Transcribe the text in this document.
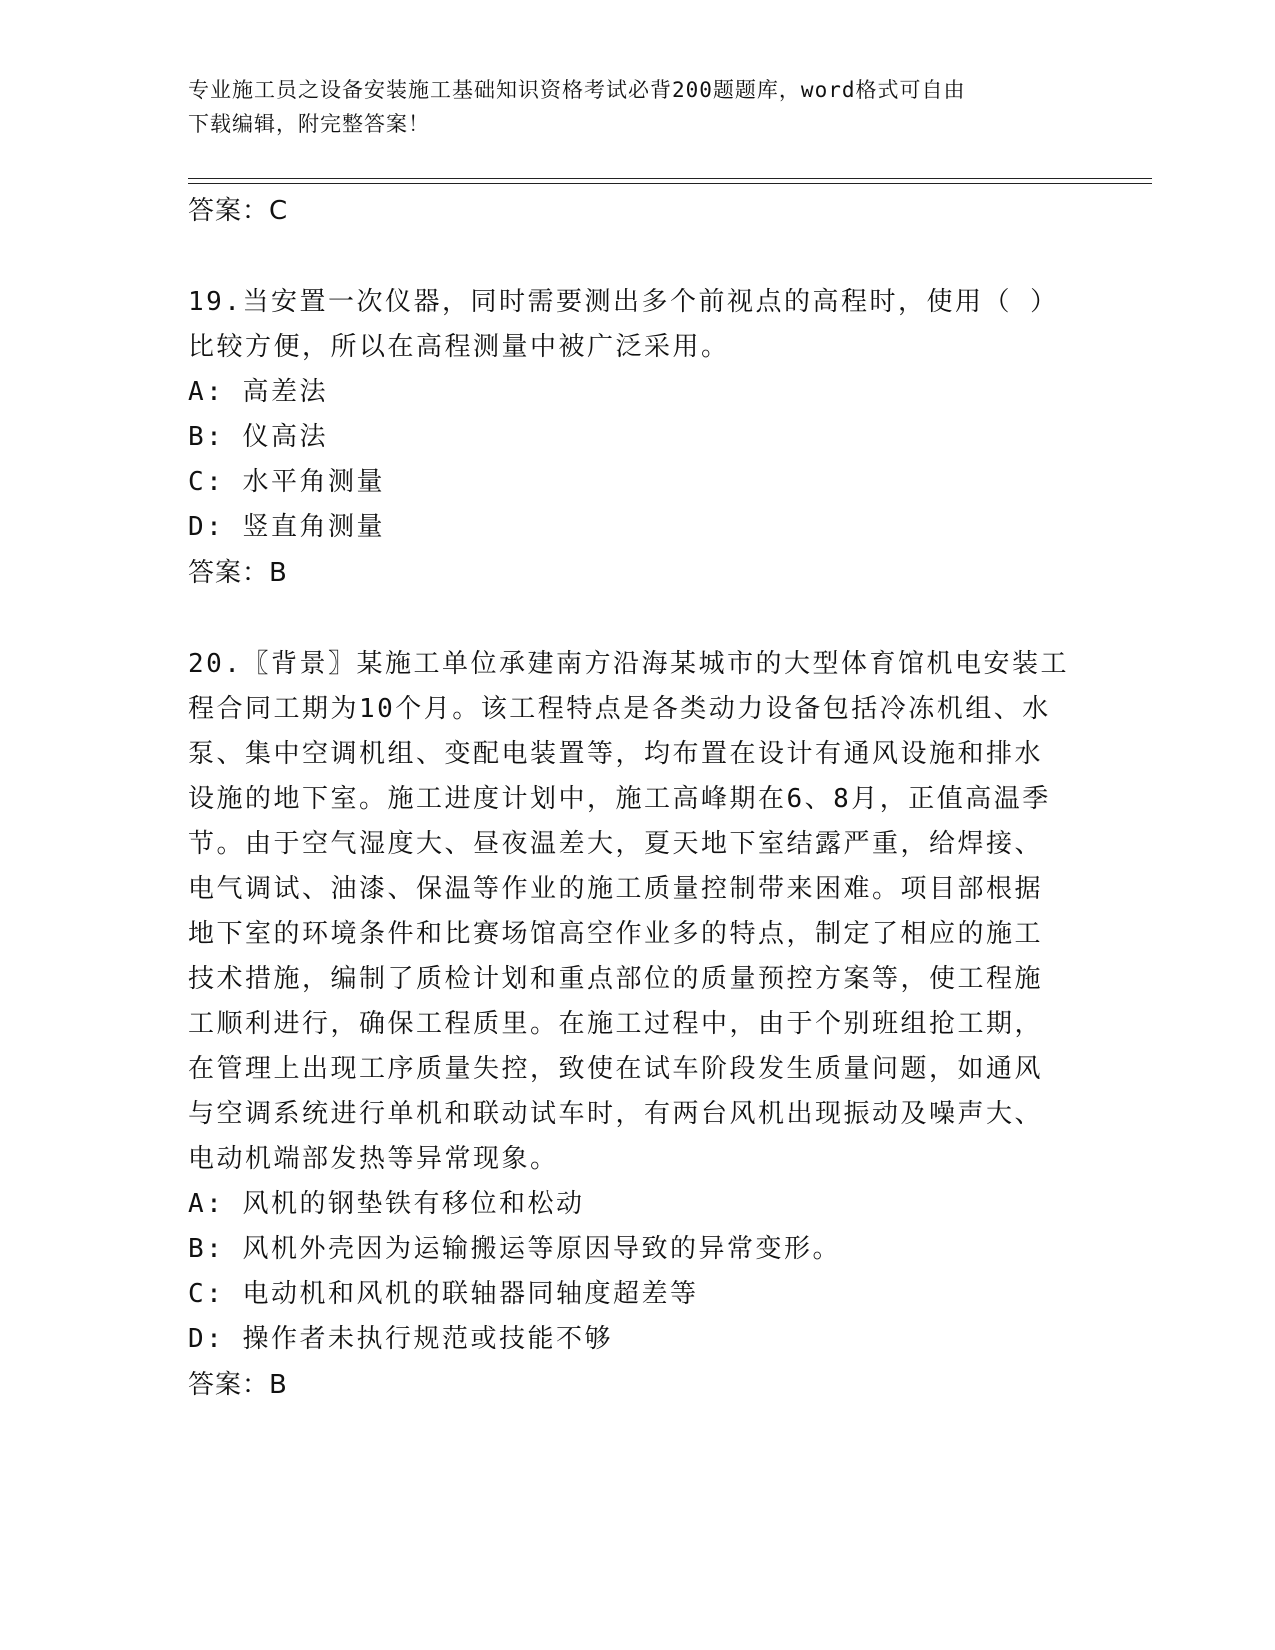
专业施工员之设备安装施工基础知识资格考试必背200题题库，word格式可自由
下载编辑，附完整答案！

答案：C

19.当安置一次仪器，同时需要测出多个前视点的高程时，使用（ ）

比较方便，所以在高程测量中被广泛采用。

A: 高差法

B: 仪高法

C: 水平角测量

D: 竖直角测量

答案：B

20.〖背景〗某施工单位承建南方沿海某城市的大型体育馆机电安装工

程合同工期为10个月。该工程特点是各类动力设备包括冷冻机组、水

泵、集中空调机组、变配电装置等，均布置在设计有通风设施和排水

设施的地下室。施工进度计划中，施工高峰期在6、8月，正值高温季

节。由于空气湿度大、昼夜温差大，夏天地下室结露严重，给焊接、

电气调试、油漆、保温等作业的施工质量控制带来困难。项目部根据

地下室的环境条件和比赛场馆高空作业多的特点，制定了相应的施工

技术措施，编制了质检计划和重点部位的质量预控方案等，使工程施

工顺利进行，确保工程质里。在施工过程中，由于个别班组抢工期，

在管理上出现工序质量失控，致使在试车阶段发生质量问题，如通风

与空调系统进行单机和联动试车时，有两台风机出现振动及噪声大、

电动机端部发热等异常现象。

A: 风机的钢垫铁有移位和松动

B: 风机外壳因为运输搬运等原因导致的异常变形。

C: 电动机和风机的联轴器同轴度超差等

D: 操作者未执行规范或技能不够

答案：B
